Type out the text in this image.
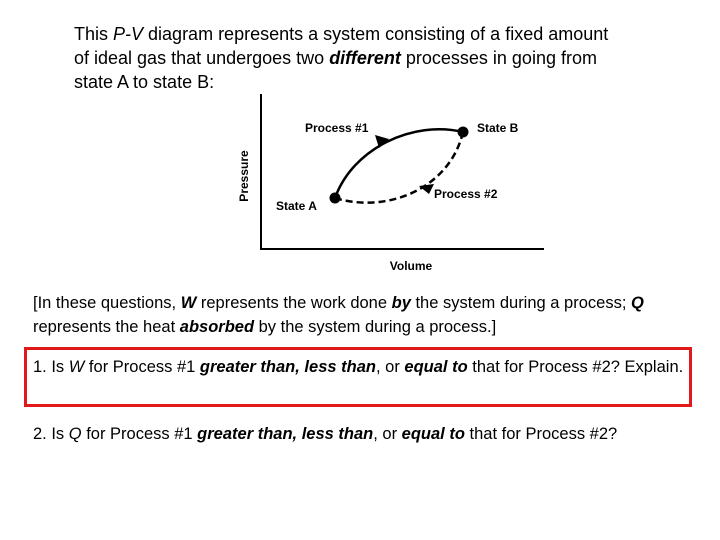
This P-V diagram represents a system consisting of a fixed amount

of ideal gas that undergoes two different processes in going from

state A to state B:

Pressure
Volume
State A
State B
Process #1
Process #2

[In these questions, W represents the work done by the system during a process; Q represents the heat absorbed by the system during a process.]

1. Is W for Process #1 greater than, less than, or equal to that for Process #2? Explain.

2. Is Q for Process #1 greater than, less than, or equal to that for Process #2?
